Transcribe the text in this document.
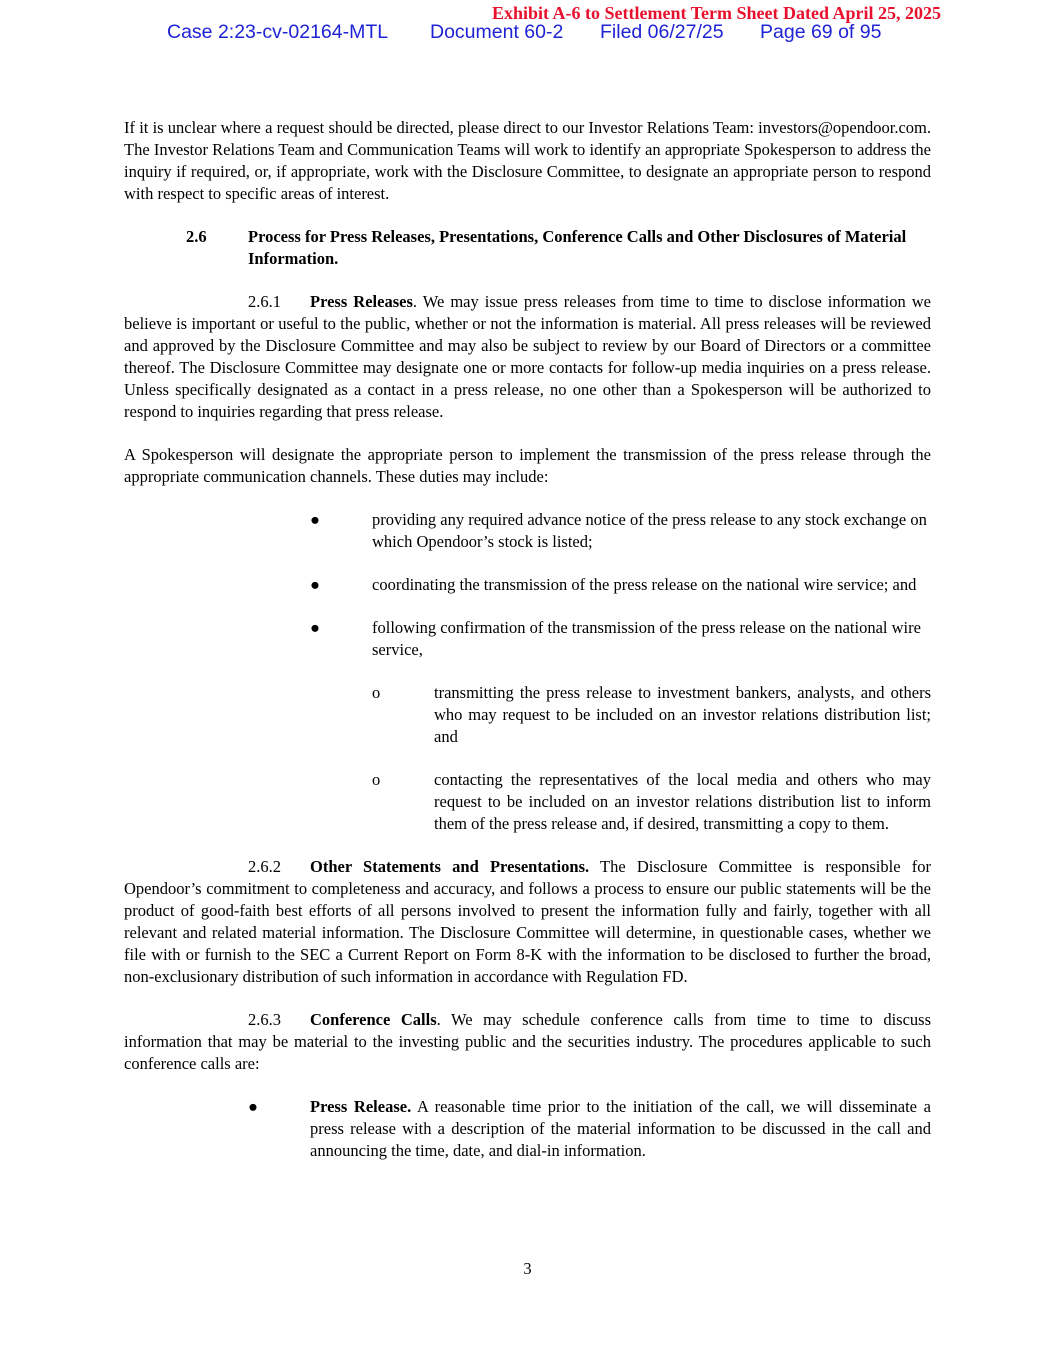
Exhibit A-6 to Settlement Term Sheet Dated April 25, 2025
Case 2:23-cv-02164-MTL Document 60-2 Filed 06/27/25 Page 69 of 95

If it is unclear where a request should be directed, please direct to our Investor Relations Team: investors@opendoor.com. The Investor Relations Team and Communication Teams will work to identify an appropriate Spokesperson to address the inquiry if required, or, if appropriate, work with the Disclosure Committee, to designate an appropriate person to respond with respect to specific areas of interest.

2.6	Process for Press Releases, Presentations, Conference Calls and Other Disclosures of Material Information.

2.6.1 Press Releases. We may issue press releases from time to time to disclose information we believe is important or useful to the public, whether or not the information is material. All press releases will be reviewed and approved by the Disclosure Committee and may also be subject to review by our Board of Directors or a committee thereof. The Disclosure Committee may designate one or more contacts for follow-up media inquiries on a press release. Unless specifically designated as a contact in a press release, no one other than a Spokesperson will be authorized to respond to inquiries regarding that press release.

A Spokesperson will designate the appropriate person to implement the transmission of the press release through the appropriate communication channels. These duties may include:

●	providing any required advance notice of the press release to any stock exchange on which Opendoor’s stock is listed;
●	coordinating the transmission of the press release on the national wire service; and
●	following confirmation of the transmission of the press release on the national wire service,
o	transmitting the press release to investment bankers, analysts, and others who may request to be included on an investor relations distribution list; and
o	contacting the representatives of the local media and others who may request to be included on an investor relations distribution list to inform them of the press release and, if desired, transmitting a copy to them.

2.6.2 Other Statements and Presentations. The Disclosure Committee is responsible for Opendoor’s commitment to completeness and accuracy, and follows a process to ensure our public statements will be the product of good-faith best efforts of all persons involved to present the information fully and fairly, together with all relevant and related material information. The Disclosure Committee will determine, in questionable cases, whether we file with or furnish to the SEC a Current Report on Form 8-K with the information to be disclosed to further the broad, non-exclusionary distribution of such information in accordance with Regulation FD.

2.6.3 Conference Calls. We may schedule conference calls from time to time to discuss information that may be material to the investing public and the securities industry. The procedures applicable to such conference calls are:

●	Press Release. A reasonable time prior to the initiation of the call, we will disseminate a press release with a description of the material information to be discussed in the call and announcing the time, date, and dial-in information.
3
